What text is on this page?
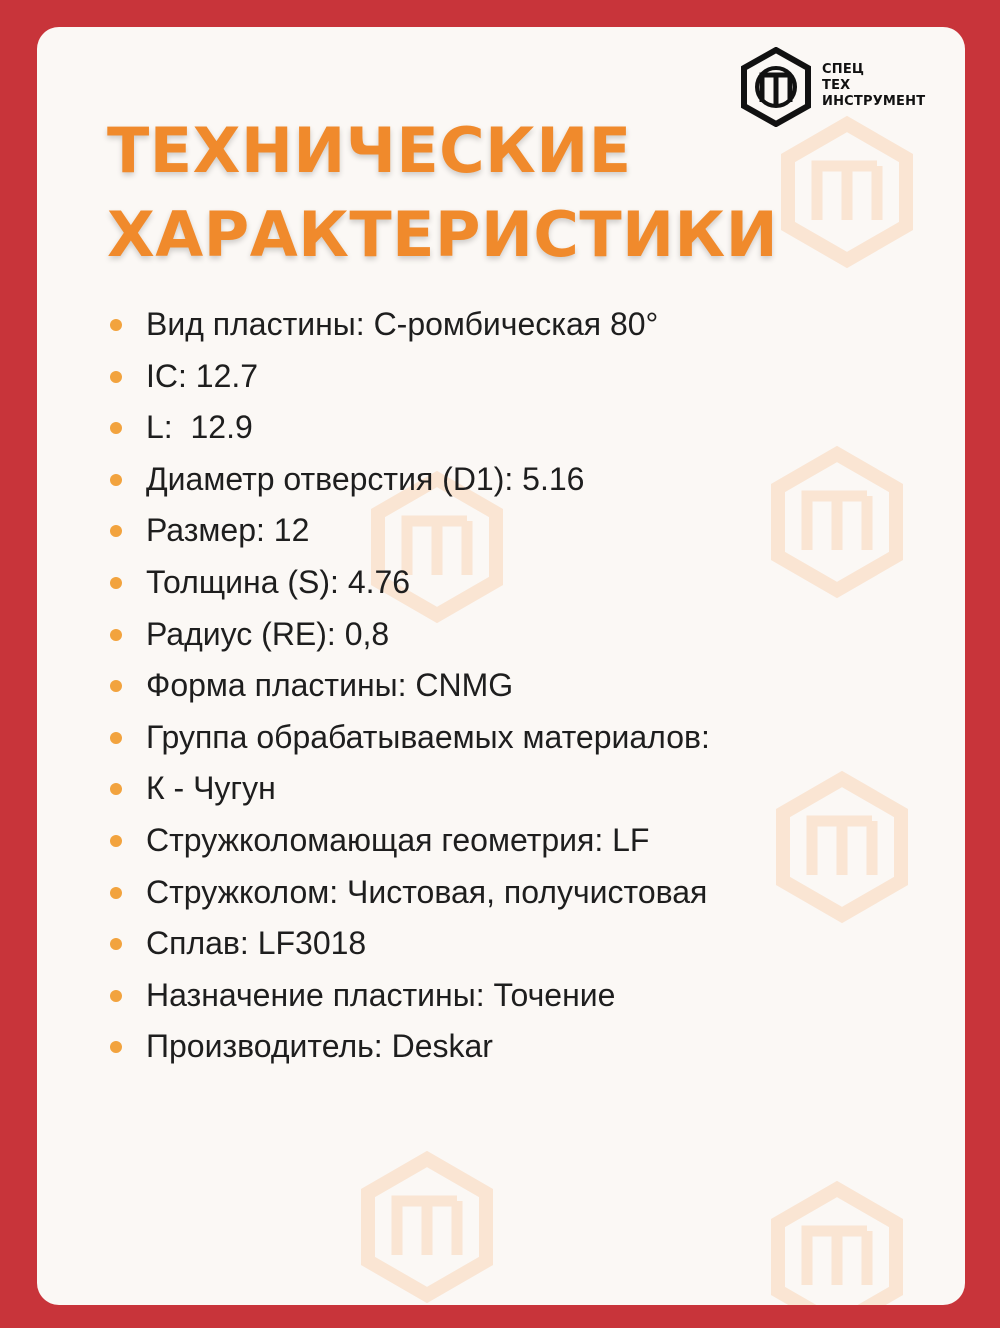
СПЕЦ
ТЕХ
ИНСТРУМЕНТ
ТЕХНИЧЕСКИЕ
ХАРАКТЕРИСТИКИ
Вид пластины: С-ромбическая 80°
IC: 12.7
L:  12.9
Диаметр отверстия (D1): 5.16
Размер: 12
Толщина (S): 4.76
Радиус (RE): 0,8
Форма пластины: CNMG
Группа обрабатываемых материалов:
К - Чугун
Стружколомающая геометрия: LF
Стружколом: Чистовая, получистовая
Сплав: LF3018
Назначение пластины: Точение
Производитель: Deskar
